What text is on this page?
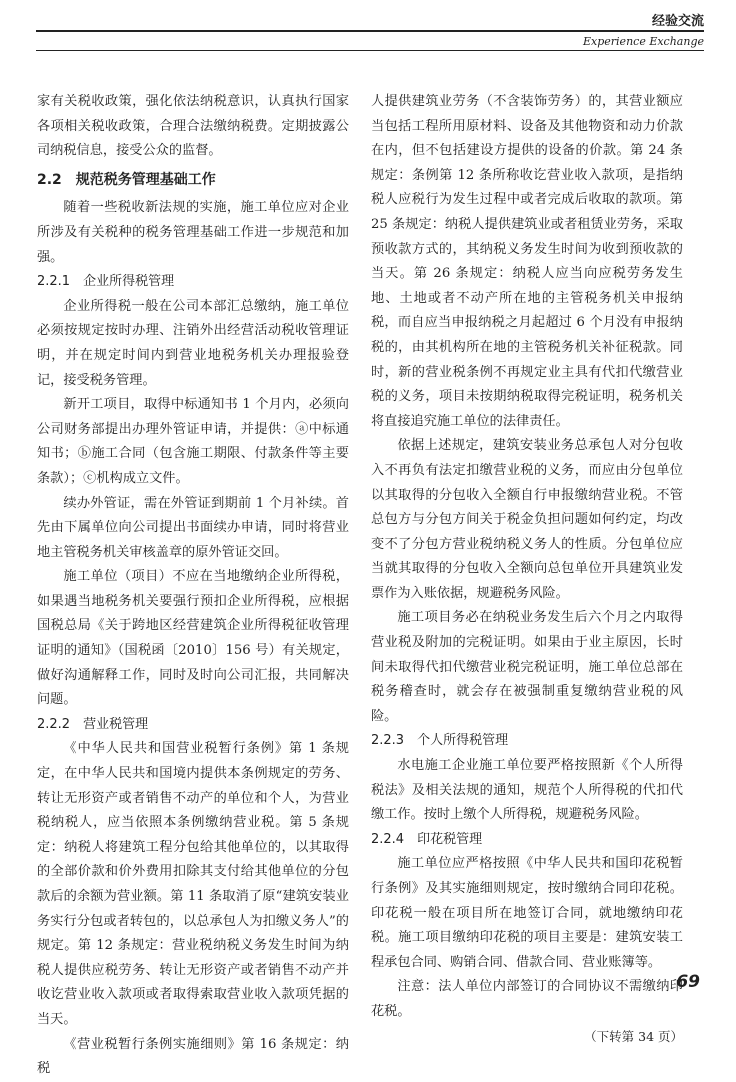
经验交流
Experience Exchange

家有关税收政策，强化依法纳税意识，认真执行国家各项相关税收政策，合理合法缴纳税费。定期披露公司纳税信息，接受公众的监督。

2.2　规范税务管理基础工作

随着一些税收新法规的实施，施工单位应对企业所涉及有关税种的税务管理基础工作进一步规范和加强。

2.2.1　企业所得税管理

企业所得税一般在公司本部汇总缴纳，施工单位必须按规定按时办理、注销外出经营活动税收管理证明，并在规定时间内到营业地税务机关办理报验登记，接受税务管理。

新开工项目，取得中标通知书 1 个月内，必须向公司财务部提出办理外管证申请，并提供：ⓐ中标通知书；ⓑ施工合同（包含施工期限、付款条件等主要条款）；ⓒ机构成立文件。

续办外管证，需在外管证到期前 1 个月补续。首先由下属单位向公司提出书面续办申请，同时将营业地主管税务机关审核盖章的原外管证交回。

施工单位（项目）不应在当地缴纳企业所得税，如果遇当地税务机关要强行预扣企业所得税，应根据国税总局《关于跨地区经营建筑企业所得税征收管理证明的通知》（国税函〔2010〕156 号）有关规定，做好沟通解释工作，同时及时向公司汇报，共同解决问题。

2.2.2　营业税管理

《中华人民共和国营业税暂行条例》第 1 条规定，在中华人民共和国境内提供本条例规定的劳务、转让无形资产或者销售不动产的单位和个人，为营业税纳税人，应当依照本条例缴纳营业税。第 5 条规定：纳税人将建筑工程分包给其他单位的，以其取得的全部价款和价外费用扣除其支付给其他单位的分包款后的余额为营业额。第 11 条取消了原“建筑安装业务实行分包或者转包的，以总承包人为扣缴义务人”的规定。第 12 条规定：营业税纳税义务发生时间为纳税人提供应税劳务、转让无形资产或者销售不动产并收讫营业收入款项或者取得索取营业收入款项凭据的当天。

《营业税暂行条例实施细则》第 16 条规定：纳税

人提供建筑业劳务（不含装饰劳务）的，其营业额应当包括工程所用原材料、设备及其他物资和动力价款在内，但不包括建设方提供的设备的价款。第 24 条规定：条例第 12 条所称收讫营业收入款项，是指纳税人应税行为发生过程中或者完成后收取的款项。第 25 条规定：纳税人提供建筑业或者租赁业劳务，采取预收款方式的，其纳税义务发生时间为收到预收款的当天。第 26 条规定：纳税人应当向应税劳务发生地、土地或者不动产所在地的主管税务机关申报纳税，而自应当申报纳税之月起超过 6 个月没有申报纳税的，由其机构所在地的主管税务机关补征税款。同时，新的营业税条例不再规定业主具有代扣代缴营业税的义务，项目未按期纳税取得完税证明，税务机关将直接追究施工单位的法律责任。

依据上述规定，建筑安装业务总承包人对分包收入不再负有法定扣缴营业税的义务，而应由分包单位以其取得的分包收入全额自行申报缴纳营业税。不管总包方与分包方间关于税金负担问题如何约定，均改变不了分包方营业税纳税义务人的性质。分包单位应当就其取得的分包收入全额向总包单位开具建筑业发票作为入账依据，规避税务风险。

施工项目务必在纳税业务发生后六个月之内取得营业税及附加的完税证明。如果由于业主原因，长时间未取得代扣代缴营业税完税证明，施工单位总部在税务稽查时，就会存在被强制重复缴纳营业税的风险。

2.2.3　个人所得税管理

水电施工企业施工单位要严格按照新《个人所得税法》及相关法规的通知，规范个人所得税的代扣代缴工作。按时上缴个人所得税，规避税务风险。

2.2.4　印花税管理

施工单位应严格按照《中华人民共和国印花税暂行条例》及其实施细则规定，按时缴纳合同印花税。印花税一般在项目所在地签订合同，就地缴纳印花税。施工项目缴纳印花税的项目主要是：建筑安装工程承包合同、购销合同、借款合同、营业账簿等。

注意：法人单位内部签订的合同协议不需缴纳印花税。

（下转第 34 页）
69
